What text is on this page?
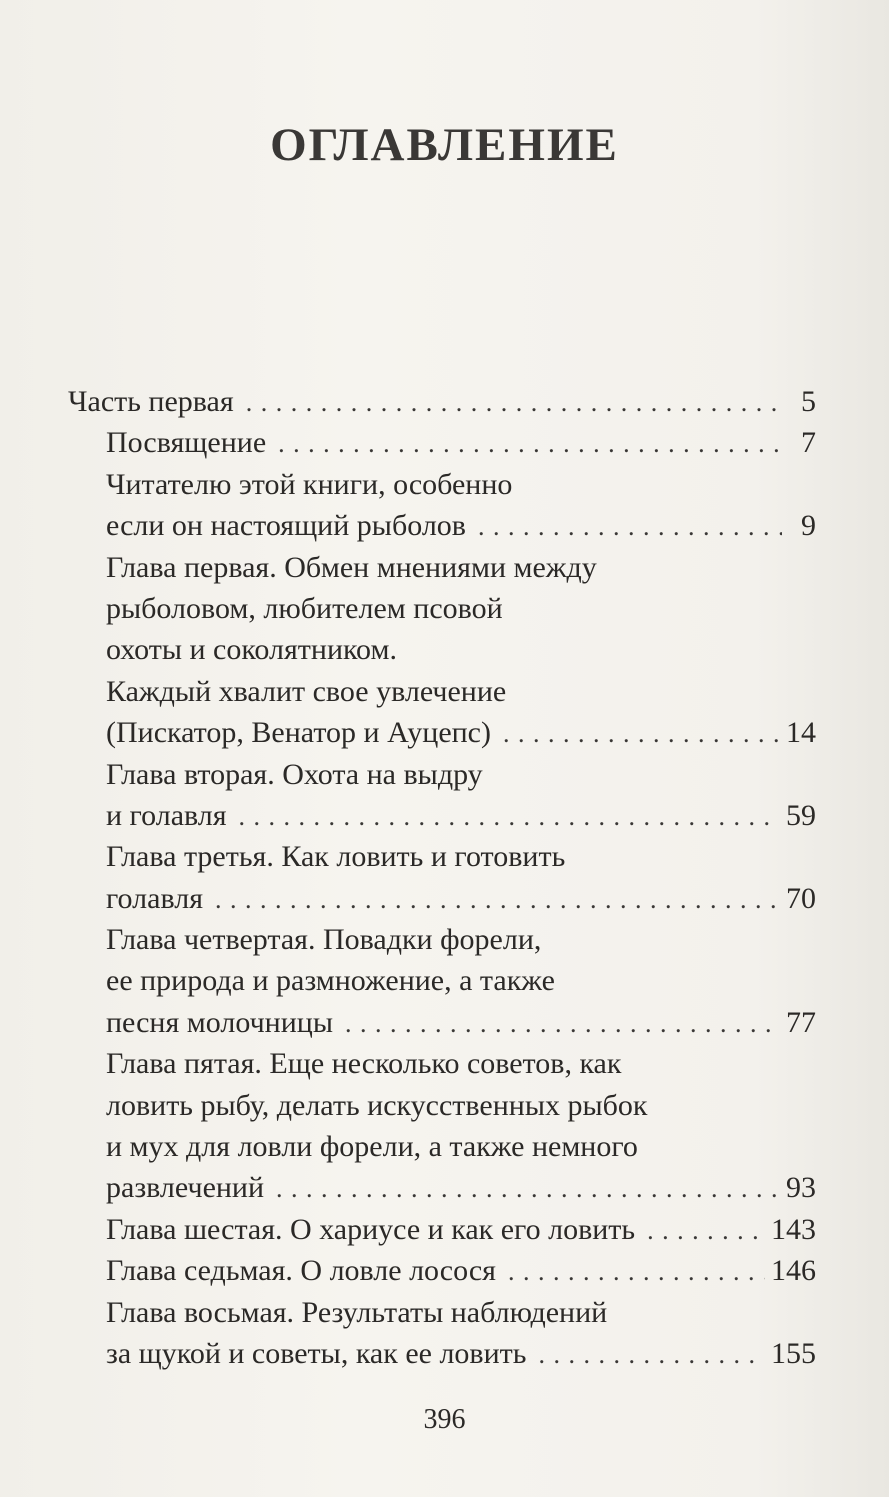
ОГЛАВЛЕНИЕ
Часть первая . . .	5
Посвящение . . .	7
Читателю этой книги, особенно
если он настоящий рыболов . . .	9
Глава первая. Обмен мнениями между
рыболовом, любителем псовой
охоты и соколятником.
Каждый хвалит свое увлечение
(Пискатор, Венатор и Ауцепс) . . .	14
Глава вторая. Охота на выдру
и голавля . . .	59
Глава третья. Как ловить и готовить
голавля . . .	70
Глава четвертая. Повадки форели,
ее природа и размножение, а также
песня молочницы . . .	77
Глава пятая. Еще несколько советов, как
ловить рыбу, делать искусственных рыбок
и мух для ловли форели, а также немного
развлечений . . .	93
Глава шестая. О хариусе и как его ловить . . .	143
Глава седьмая. О ловле лосося . . .	146
Глава восьмая. Результаты наблюдений
за щукой и советы, как ее ловить . . .	155
396
